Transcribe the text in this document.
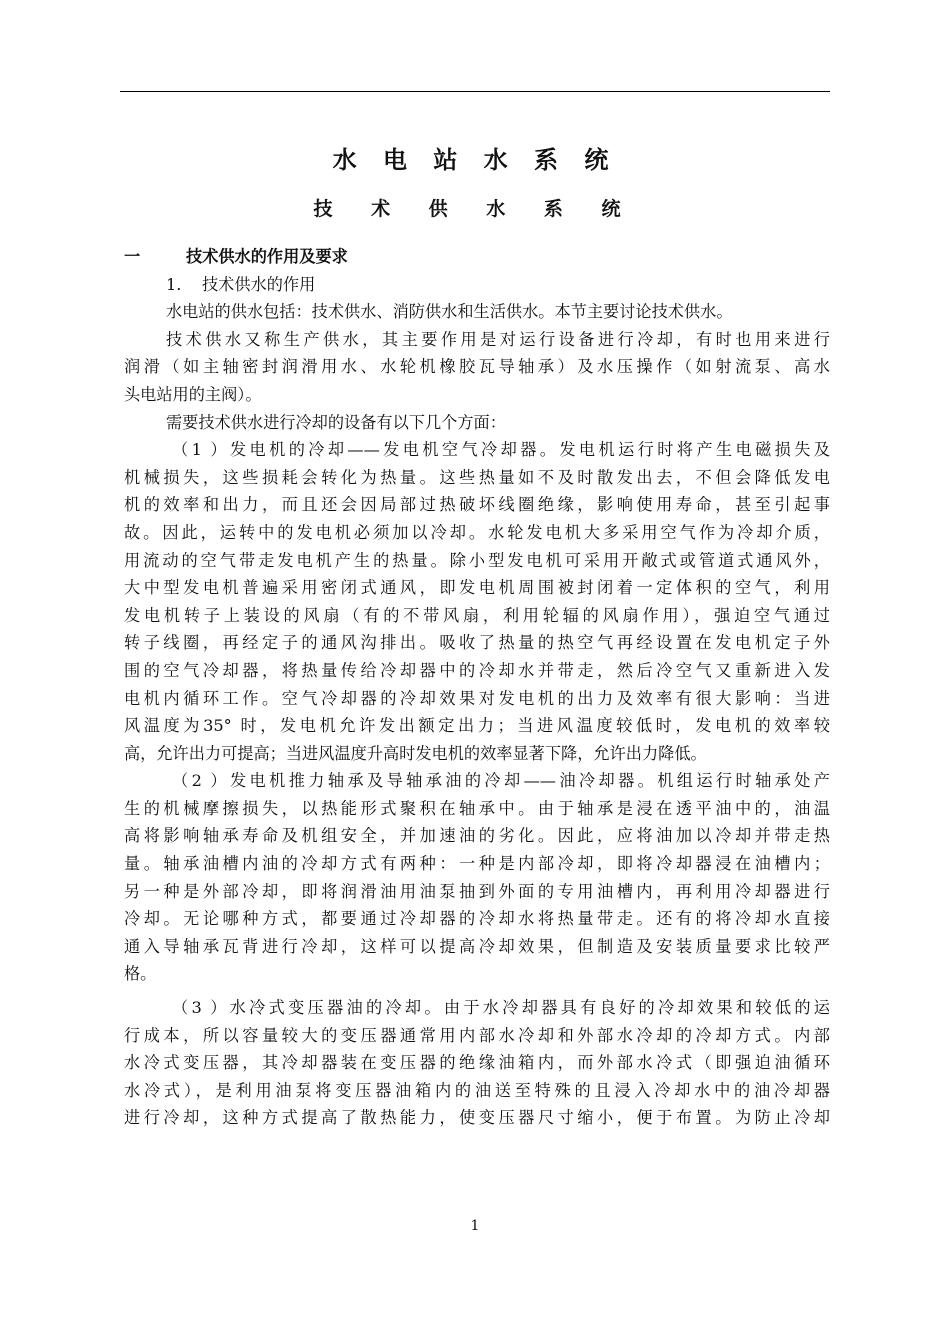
水 电 站 水 系 统
技 术 供 水 系 统
一	技术供水的作用及要求
1. 技术供水的作用
水电站的供水包括：技术供水、消防供水和生活供水。本节主要讨论技术供水。
技术供水又称生产供水，其主要作用是对运行设备进行冷却，有时也用来进行
润滑（如主轴密封润滑用水、水轮机橡胶瓦导轴承）及水压操作（如射流泵、高水
头电站用的主阀）。
需要技术供水进行冷却的设备有以下几个方面：
（1 ）发电机的冷却——发电机空气冷却器。发电机运行时将产生电磁损失及
机械损失，这些损耗会转化为热量。这些热量如不及时散发出去，不但会降低发电
机的效率和出力，而且还会因局部过热破坏线圈绝缘，影响使用寿命，甚至引起事
故。因此，运转中的发电机必须加以冷却。水轮发电机大多采用空气作为冷却介质，
用流动的空气带走发电机产生的热量。除小型发电机可采用开敞式或管道式通风外，
大中型发电机普遍采用密闭式通风，即发电机周围被封闭着一定体积的空气，利用
发电机转子上装设的风扇（有的不带风扇，利用轮辐的风扇作用），强迫空气通过
转子线圈，再经定子的通风沟排出。吸收了热量的热空气再经设置在发电机定子外
围的空气冷却器，将热量传给冷却器中的冷却水并带走，然后冷空气又重新进入发
电机内循环工作。空气冷却器的冷却效果对发电机的出力及效率有很大影响：当进
风温度为35° 时，发电机允许发出额定出力；当进风温度较低时，发电机的效率较
高，允许出力可提高；当进风温度升高时发电机的效率显著下降，允许出力降低。
（2 ）发电机推力轴承及导轴承油的冷却——油冷却器。机组运行时轴承处产
生的机械摩擦损失，以热能形式聚积在轴承中。由于轴承是浸在透平油中的，油温
高将影响轴承寿命及机组安全，并加速油的劣化。因此，应将油加以冷却并带走热
量。轴承油槽内油的冷却方式有两种：一种是内部冷却，即将冷却器浸在油槽内；
另一种是外部冷却，即将润滑油用油泵抽到外面的专用油槽内，再利用冷却器进行
冷却。无论哪种方式，都要通过冷却器的冷却水将热量带走。还有的将冷却水直接
通入导轴承瓦背进行冷却，这样可以提高冷却效果，但制造及安装质量要求比较严
格。
（3 ）水冷式变压器油的冷却。由于水冷却器具有良好的冷却效果和较低的运
行成本，所以容量较大的变压器通常用内部水冷却和外部水冷却的冷却方式。内部
水冷式变压器，其冷却器装在变压器的绝缘油箱内，而外部水冷式（即强迫油循环
水冷式），是利用油泵将变压器油箱内的油送至特殊的且浸入冷却水中的油冷却器
进行冷却，这种方式提高了散热能力，使变压器尺寸缩小，便于布置。为防止冷却
1
